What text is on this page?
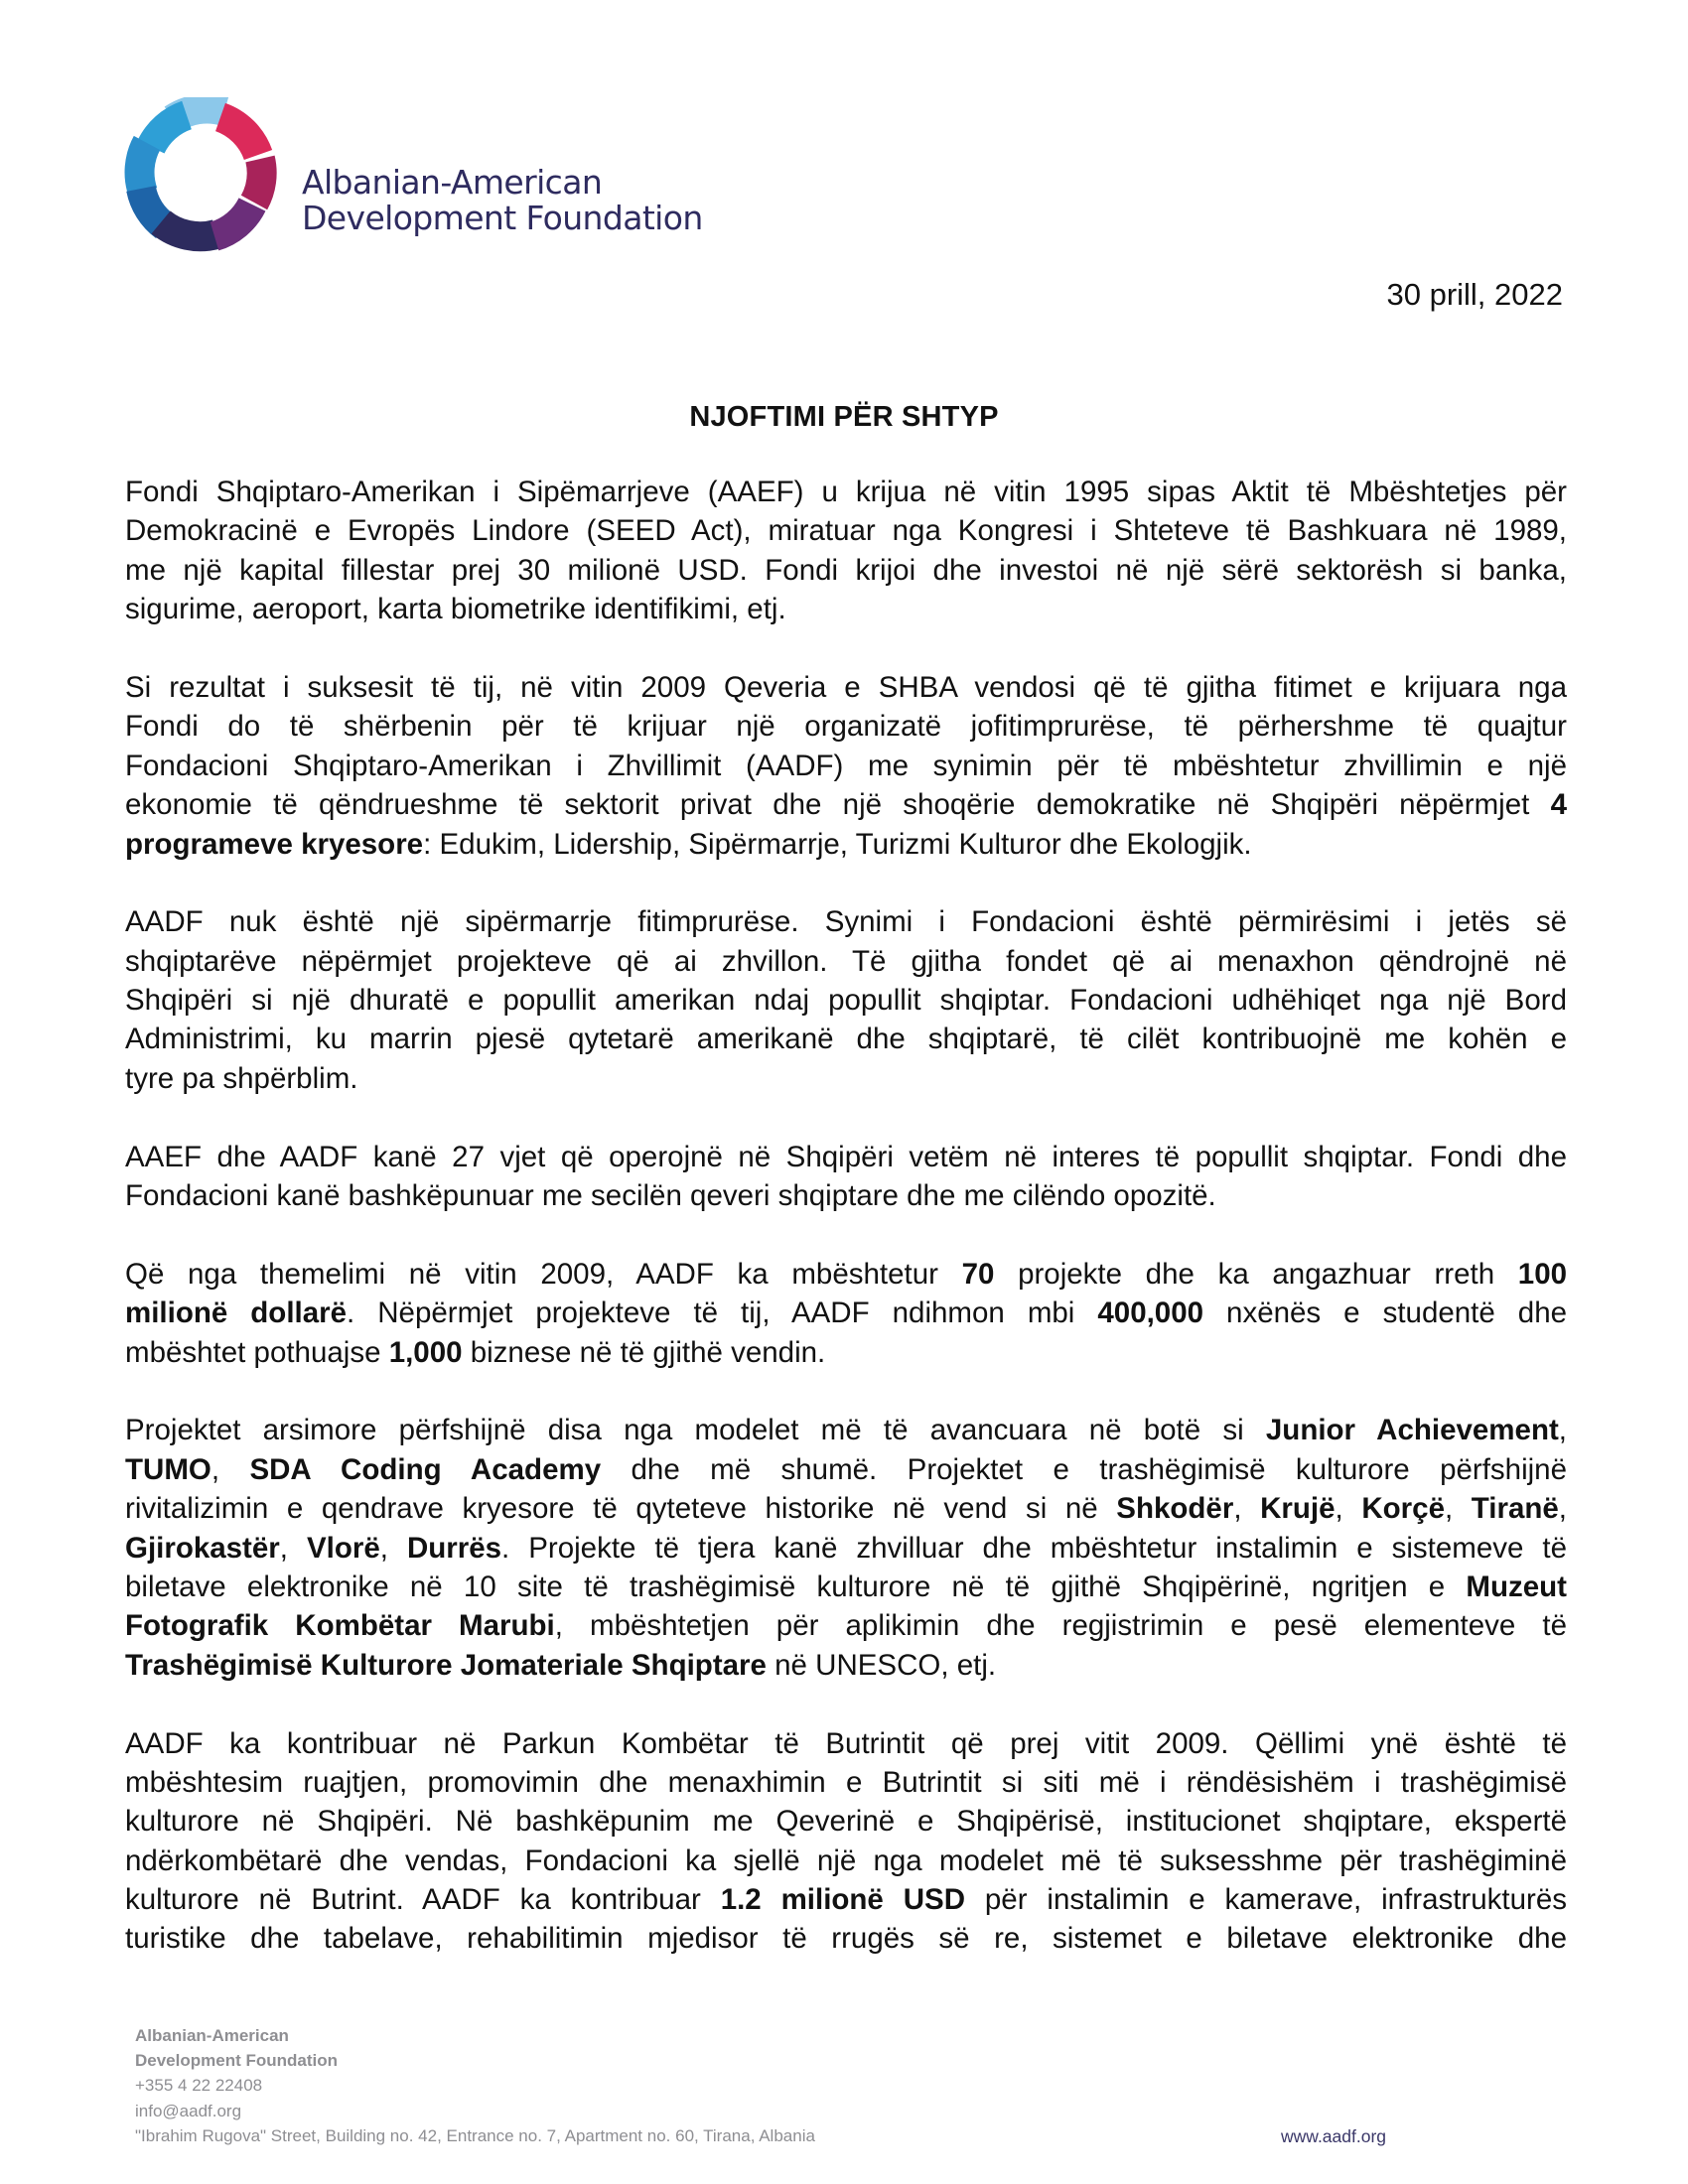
Albanian-American
Development Foundation
30 prill, 2022
NJOFTIMI PËR SHTYP
Fondi Shqiptaro-Amerikan i Sipëmarrjeve (AAEF) u krijua në vitin 1995 sipas Aktit të Mbështetjes për
Demokracinë e Evropës Lindore (SEED Act), miratuar nga Kongresi i Shteteve të Bashkuara në 1989,
me një kapital fillestar prej 30 milionë USD. Fondi krijoi dhe investoi në një sërë sektorësh si banka,
sigurime, aeroport, karta biometrike identifikimi, etj.
Si rezultat i suksesit të tij, në vitin 2009 Qeveria e SHBA vendosi që të gjitha fitimet e krijuara nga
Fondi do të shërbenin për të krijuar një organizatë jofitimprurëse, të përhershme të quajtur
Fondacioni Shqiptaro-Amerikan i Zhvillimit (AADF) me synimin për të mbështetur zhvillimin e një
ekonomie të qëndrueshme të sektorit privat dhe një shoqërie demokratike në Shqipëri nëpërmjet 4
programeve kryesore: Edukim, Lidership, Sipërmarrje, Turizmi Kulturor dhe Ekologjik.
AADF nuk është një sipërmarrje fitimprurëse. Synimi i Fondacioni është përmirësimi i jetës së
shqiptarëve nëpërmjet projekteve që ai zhvillon. Të gjitha fondet që ai menaxhon qëndrojnë në
Shqipëri si një dhuratë e popullit amerikan ndaj popullit shqiptar. Fondacioni udhëhiqet nga një Bord
Administrimi, ku marrin pjesë qytetarë amerikanë dhe shqiptarë, të cilët kontribuojnë me kohën e
tyre pa shpërblim.
AAEF dhe AADF kanë 27 vjet që operojnë në Shqipëri vetëm në interes të popullit shqiptar. Fondi dhe
Fondacioni kanë bashkëpunuar me secilën qeveri shqiptare dhe me cilëndo opozitë.
Që nga themelimi në vitin 2009, AADF ka mbështetur 70 projekte dhe ka angazhuar rreth 100
milionë dollarë. Nëpërmjet projekteve të tij, AADF ndihmon mbi 400,000 nxënës e studentë dhe
mbështet pothuajse 1,000 biznese në të gjithë vendin.
Projektet arsimore përfshijnë disa nga modelet më të avancuara në botë si Junior Achievement,
TUMO, SDA Coding Academy dhe më shumë. Projektet e trashëgimisë kulturore përfshijnë
rivitalizimin e qendrave kryesore të qyteteve historike në vend si në Shkodër, Krujë, Korçë, Tiranë,
Gjirokastër, Vlorë, Durrës. Projekte të tjera kanë zhvilluar dhe mbështetur instalimin e sistemeve të
biletave elektronike në 10 site të trashëgimisë kulturore në të gjithë Shqipërinë, ngritjen e Muzeut
Fotografik Kombëtar Marubi, mbështetjen për aplikimin dhe regjistrimin e pesë elementeve të
Trashëgimisë Kulturore Jomateriale Shqiptare në UNESCO, etj.
AADF ka kontribuar në Parkun Kombëtar të Butrintit që prej vitit 2009. Qëllimi ynë është të
mbështesim ruajtjen, promovimin dhe menaxhimin e Butrintit si siti më i rëndësishëm i trashëgimisë
kulturore në Shqipëri. Në bashkëpunim me Qeverinë e Shqipërisë, institucionet shqiptare, ekspertë
ndërkombëtarë dhe vendas, Fondacioni ka sjellë një nga modelet më të suksesshme për trashëgiminë
kulturore në Butrint. AADF ka kontribuar 1.2 milionë USD për instalimin e kamerave, infrastrukturës
turistike dhe tabelave, rehabilitimin mjedisor të rrugës së re, sistemet e biletave elektronike dhe
Albanian-American
Development Foundation
+355 4 22 22408
info@aadf.org
"Ibrahim Rugova" Street, Building no. 42, Entrance no. 7, Apartment no. 60, Tirana, Albania	www.aadf.org
